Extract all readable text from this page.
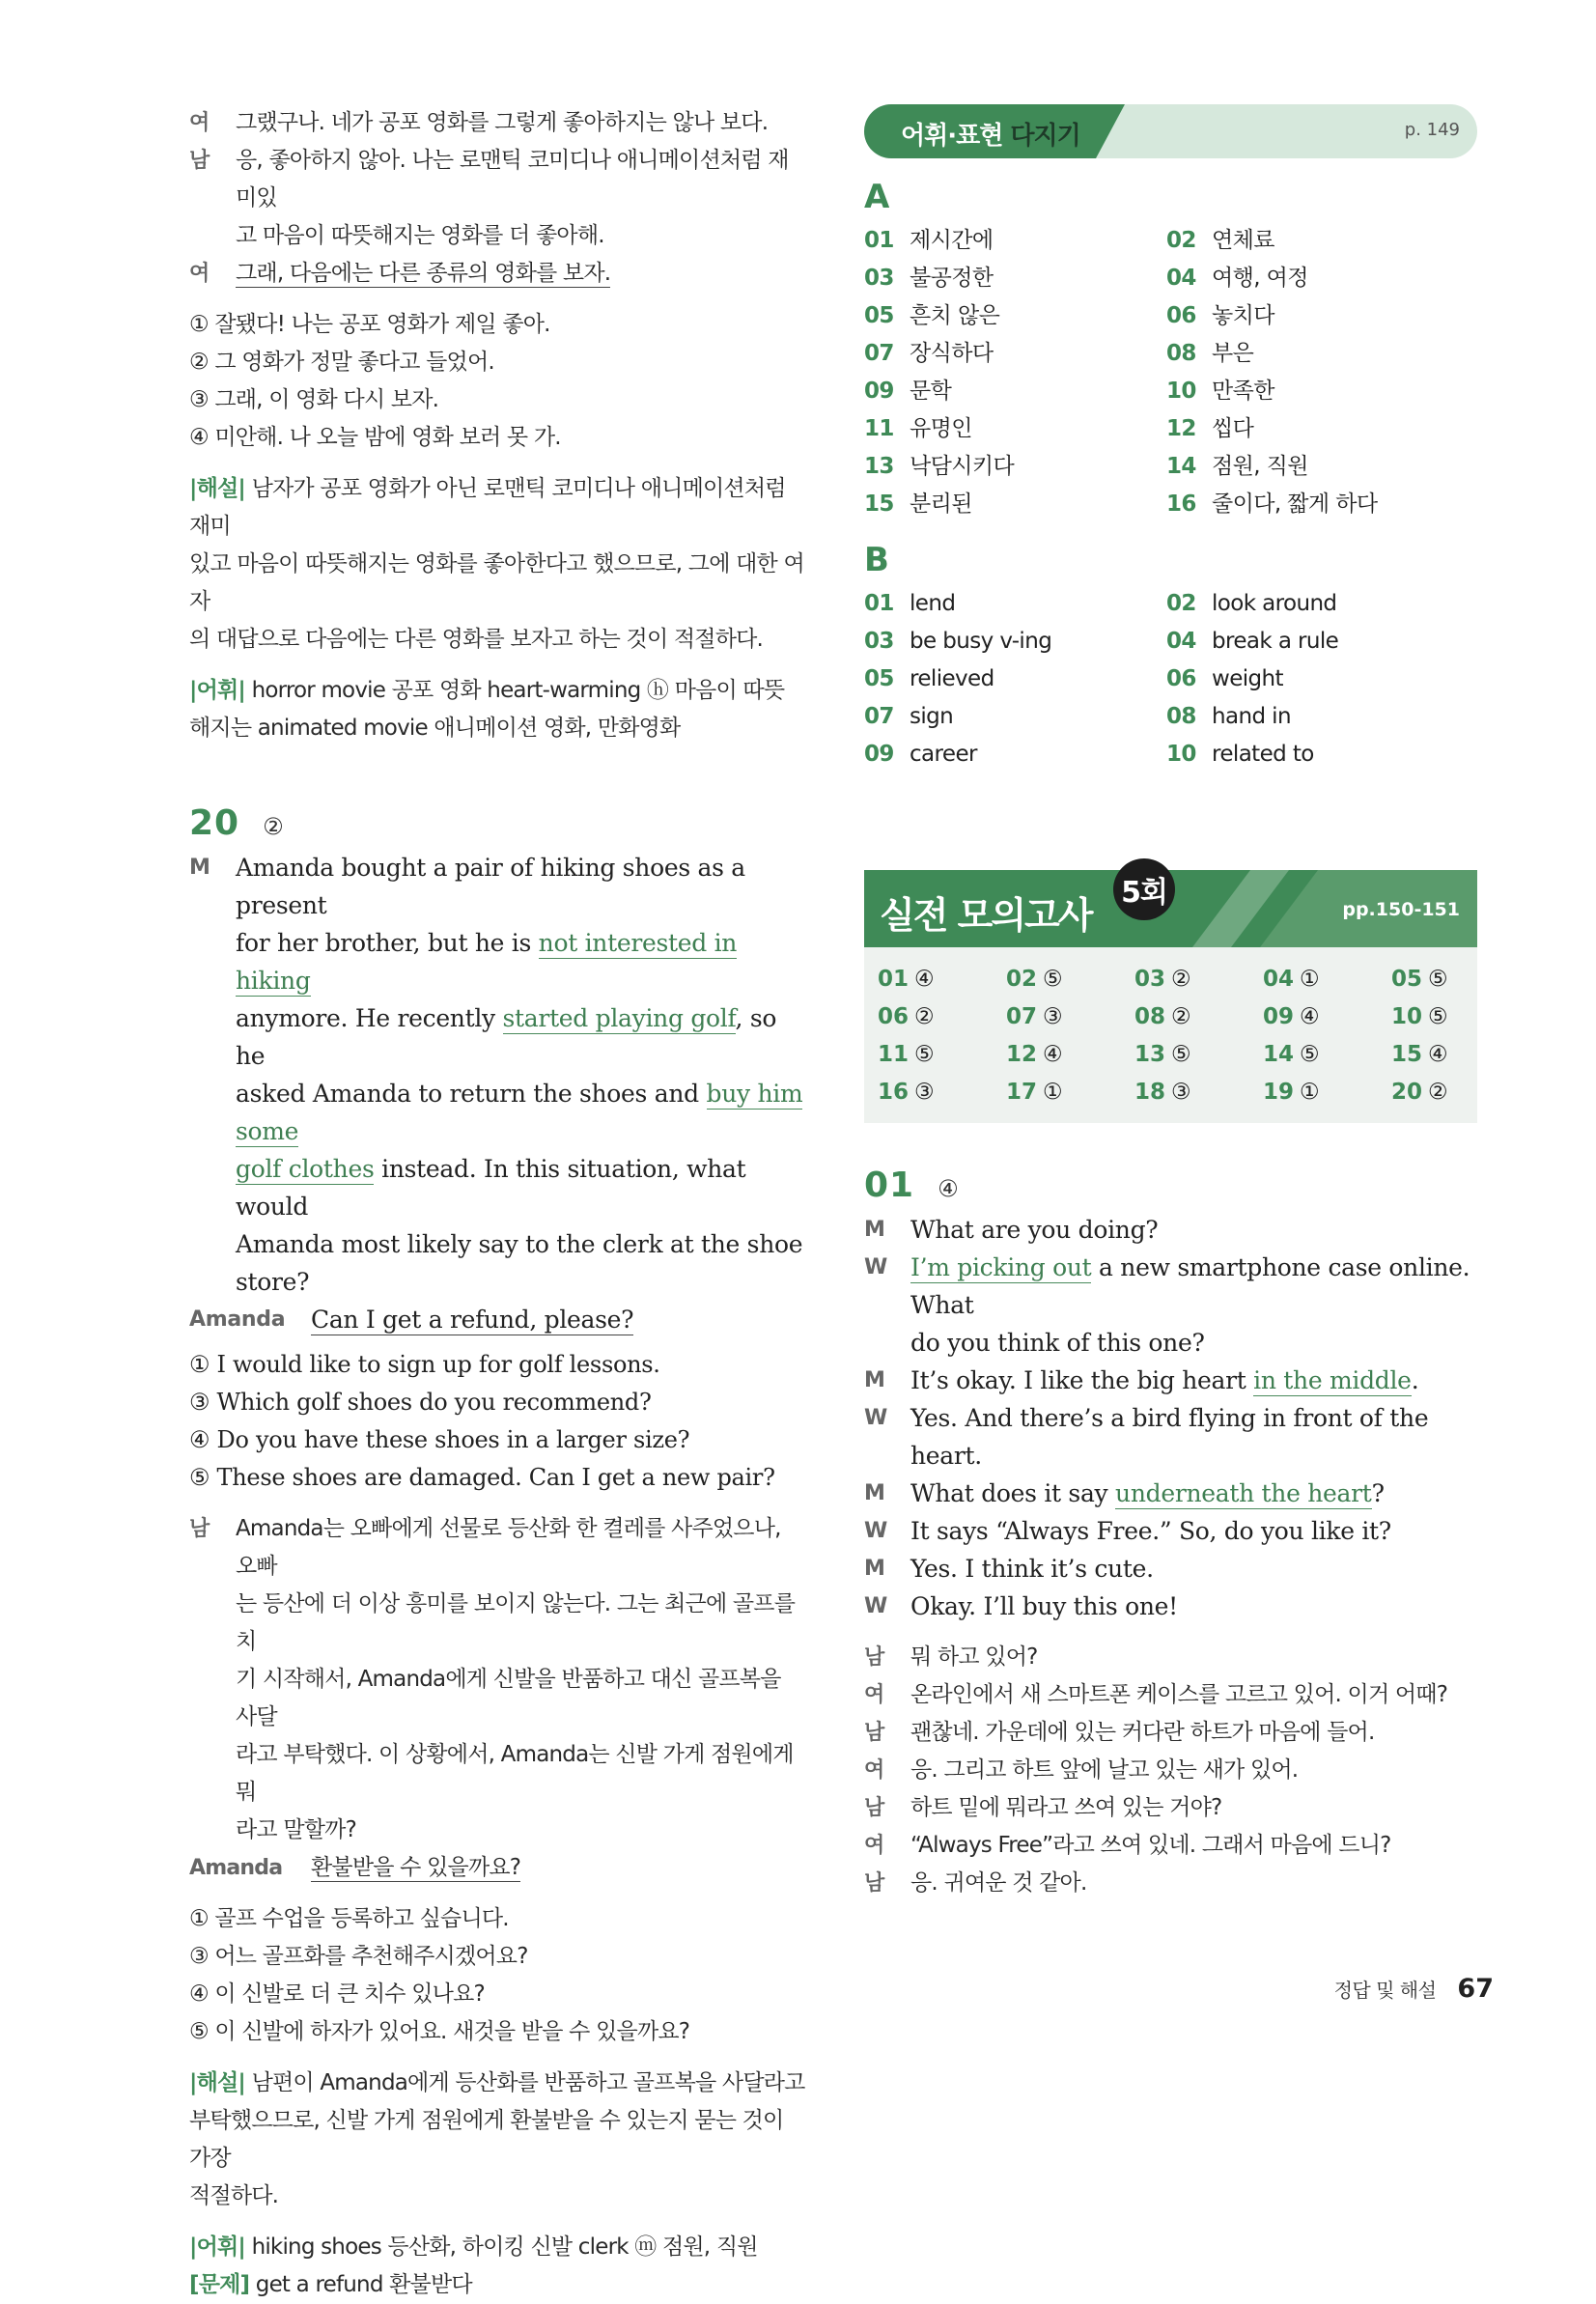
여	그랬구나. 네가 공포 영화를 그렇게 좋아하지는 않나 보다.
남	응, 좋아하지 않아. 나는 로맨틱 코미디나 애니메이션처럼 재미있
고 마음이 따뜻해지는 영화를 더 좋아해.
여	그래, 다음에는 다른 종류의 영화를 보자.
① 잘됐다! 나는 공포 영화가 제일 좋아.
② 그 영화가 정말 좋다고 들었어.
③ 그래, 이 영화 다시 보자.
④ 미안해. 나 오늘 밤에 영화 보러 못 가.
|해설| 남자가 공포 영화가 아닌 로맨틱 코미디나 애니메이션처럼 재미
있고 마음이 따뜻해지는 영화를 좋아한다고 했으므로, 그에 대한 여자
의 대답으로 다음에는 다른 영화를 보자고 하는 것이 적절하다.
|어휘| horror movie 공포 영화 heart-warming ⓗ 마음이 따뜻
해지는 animated movie 애니메이션 영화, 만화영화
20 ②
M	Amanda bought a pair of hiking shoes as a present
for her brother, but he is not interested in hiking
anymore. He recently started playing golf, so he
asked Amanda to return the shoes and buy him some
golf clothes instead. In this situation, what would
Amanda most likely say to the clerk at the shoe store?
Amanda	Can I get a refund, please?
① I would like to sign up for golf lessons.
③ Which golf shoes do you recommend?
④ Do you have these shoes in a larger size?
⑤ These shoes are damaged. Can I get a new pair?
남	Amanda는 오빠에게 선물로 등산화 한 켤레를 사주었으나, 오빠
는 등산에 더 이상 흥미를 보이지 않는다. 그는 최근에 골프를 치
기 시작해서, Amanda에게 신발을 반품하고 대신 골프복을 사달
라고 부탁했다. 이 상황에서, Amanda는 신발 가게 점원에게 뭐
라고 말할까?
Amanda	환불받을 수 있을까요?
① 골프 수업을 등록하고 싶습니다.
③ 어느 골프화를 추천해주시겠어요?
④ 이 신발로 더 큰 치수 있나요?
⑤ 이 신발에 하자가 있어요. 새것을 받을 수 있을까요?
|해설| 남편이 Amanda에게 등산화를 반품하고 골프복을 사달라고
부탁했으므로, 신발 가게 점원에게 환불받을 수 있는지 묻는 것이 가장
적절하다.
|어휘| hiking shoes 등산화, 하이킹 신발 clerk ⓜ 점원, 직원
[문제] get a refund 환불받다
어휘·표현 다지기	p. 149
A
01 제시간에	02 연체료
03 불공정한	04 여행, 여정
05 흔치 않은	06 놓치다
07 장식하다	08 부은
09 문학	10 만족한
11 유명인	12 씹다
13 낙담시키다	14 점원, 직원
15 분리된	16 줄이다, 짧게 하다
B
01 lend	02 look around
03 be busy v-ing	04 break a rule
05 relieved	06 weight
07 sign	08 hand in
09 career	10 related to
실전 모의고사
5회	pp.150-151
01 ④	02 ⑤	03 ②	04 ①	05 ⑤
06 ②	07 ③	08 ②	09 ④	10 ⑤
11 ⑤	12 ④	13 ⑤	14 ⑤	15 ④
16 ③	17 ①	18 ③	19 ①	20 ②
01 ④
M	What are you doing?
W I’m picking out a new smartphone case online. What
do you think of this one?
M	It’s okay. I like the big heart in the middle.
W Yes. And there’s a bird flying in front of the heart.
M	What does it say underneath the heart?
W It says “Always Free.” So, do you like it?
M	Yes. I think it’s cute.
W Okay. I’ll buy this one!
남	뭐 하고 있어?
여	온라인에서 새 스마트폰 케이스를 고르고 있어. 이거 어때?
남	괜찮네. 가운데에 있는 커다란 하트가 마음에 들어.
여	응. 그리고 하트 앞에 날고 있는 새가 있어.
남	하트 밑에 뭐라고 쓰여 있는 거야?
여	“Always Free”라고 쓰여 있네. 그래서 마음에 드니?
남	응. 귀여운 것 같아.
정답 및 해설 67
